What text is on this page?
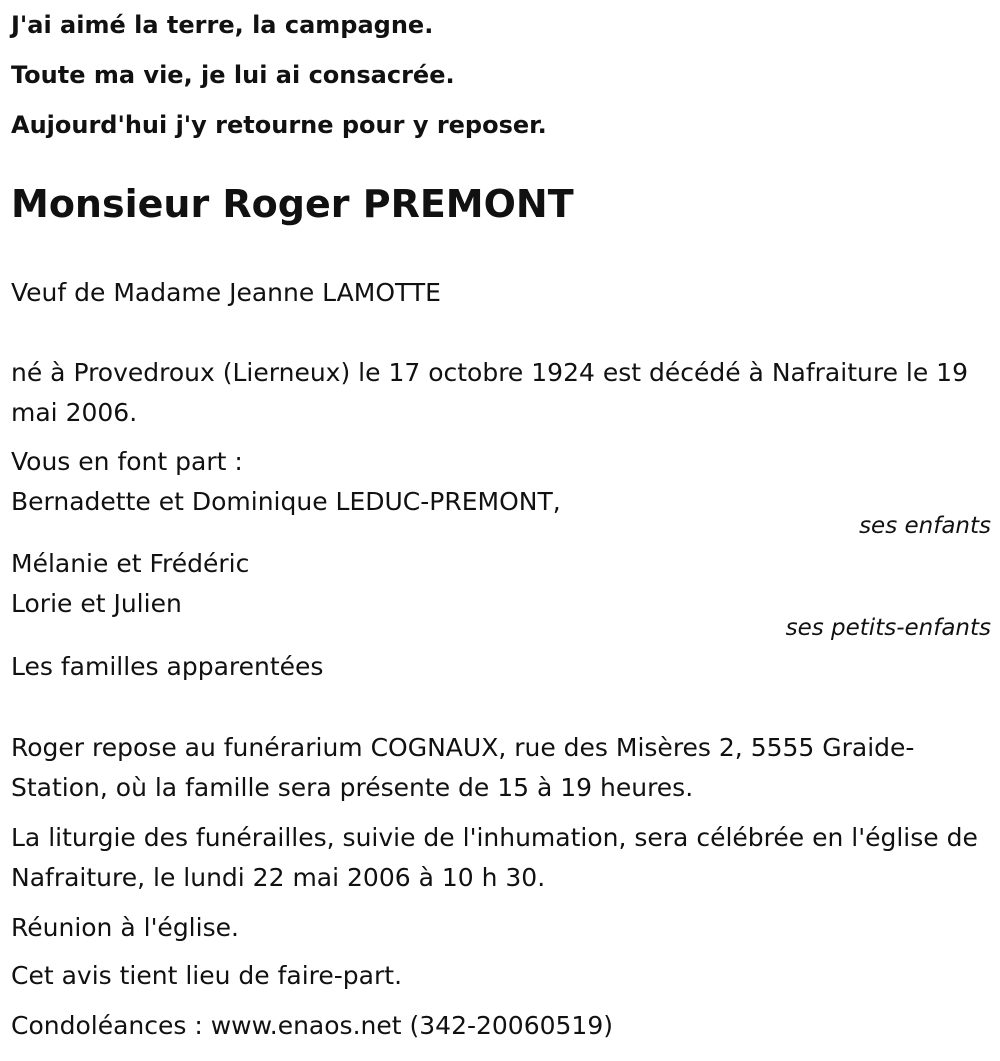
J'ai aimé la terre, la campagne.
Toute ma vie, je lui ai consacrée.
Aujourd'hui j'y retourne pour y reposer.
Monsieur Roger PREMONT
Veuf de Madame Jeanne LAMOTTE
né à Provedroux (Lierneux) le 17 octobre 1924 est décédé à Nafraiture le 19 mai 2006.
Vous en font part :
Bernadette et Dominique LEDUC-PREMONT,
ses enfants
Mélanie et Frédéric
Lorie et Julien
ses petits-enfants
Les familles apparentées
Roger repose au funérarium COGNAUX, rue des Misères 2, 5555 Graide-Station, où la famille sera présente de 15 à 19 heures.
La liturgie des funérailles, suivie de l'inhumation, sera célébrée en l'église de Nafraiture, le lundi 22 mai 2006 à 10 h 30.
Réunion à l'église.
Cet avis tient lieu de faire-part.
Condoléances : www.enaos.net (342-20060519)
